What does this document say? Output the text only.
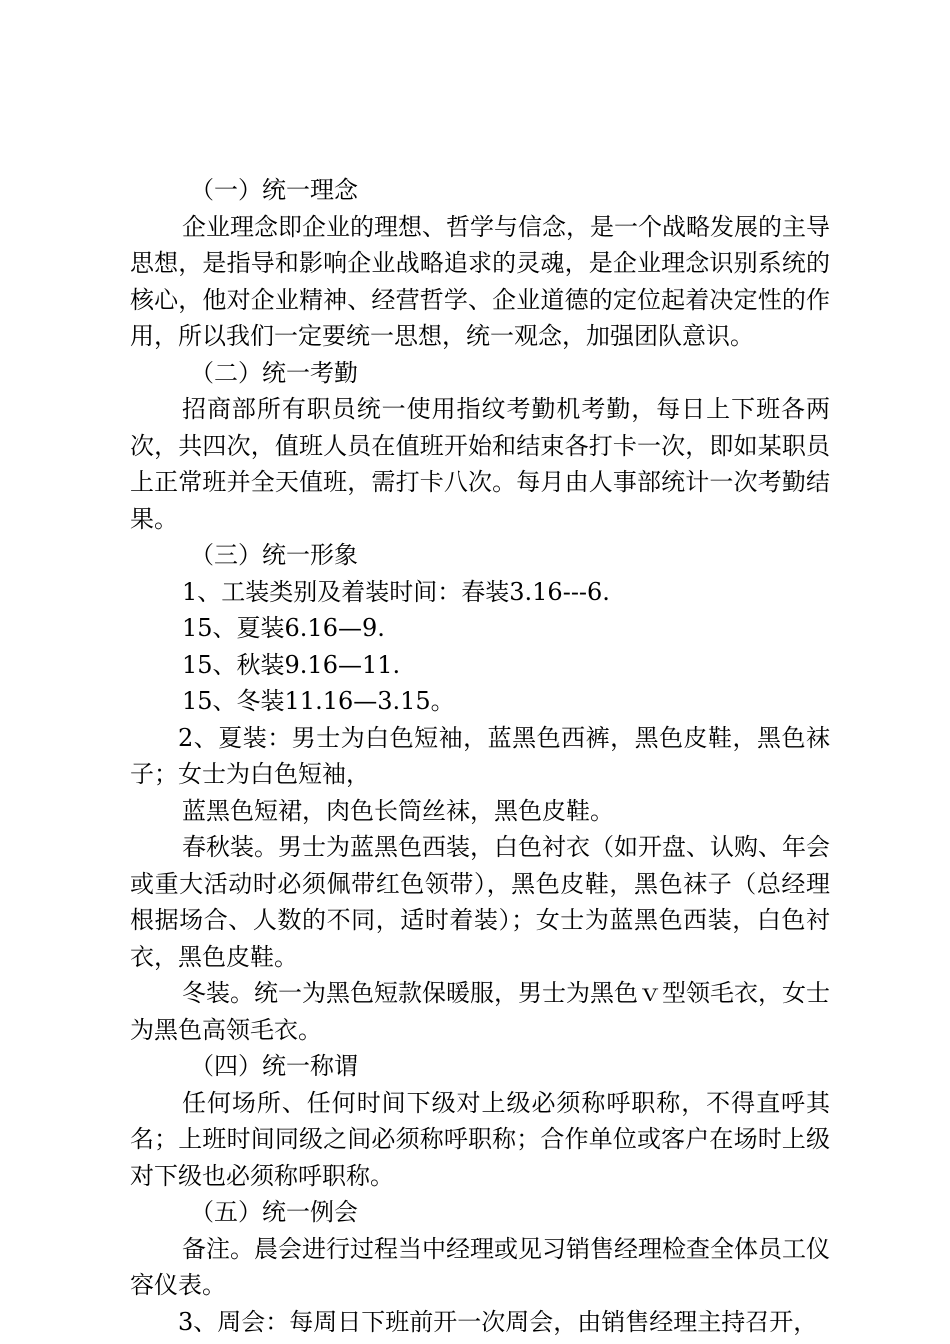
（一）统一理念

企业理念即企业的理想、哲学与信念，是一个战略发展的主导思想，是指导和影响企业战略追求的灵魂，是企业理念识别系统的核心，他对企业精神、经营哲学、企业道德的定位起着决定性的作用，所以我们一定要统一思想，统一观念，加强团队意识。

（二）统一考勤

招商部所有职员统一使用指纹考勤机考勤，每日上下班各两次，共四次，值班人员在值班开始和结束各打卡一次，即如某职员上正常班并全天值班，需打卡八次。每月由人事部统计一次考勤结果。

（三）统一形象

1、工装类别及着装时间：春装3.16---6.

15、夏装6.16—9.

15、秋装9.16—11.

15、冬装11.16—3.15。

2、夏装：男士为白色短袖，蓝黑色西裤，黑色皮鞋，黑色袜子；女士为白色短袖，

蓝黑色短裙，肉色长筒丝袜，黑色皮鞋。

春秋装。男士为蓝黑色西装，白色衬衣（如开盘、认购、年会或重大活动时必须佩带红色领带），黑色皮鞋，黑色袜子（总经理根据场合、人数的不同，适时着装）；女士为蓝黑色西装，白色衬衣，黑色皮鞋。

冬装。统一为黑色短款保暖服，男士为黑色ｖ型领毛衣，女士为黑色高领毛衣。

（四）统一称谓

任何场所、任何时间下级对上级必须称呼职称，不得直呼其名；上班时间同级之间必须称呼职称；合作单位或客户在场时上级对下级也必须称呼职称。

（五）统一例会

备注。晨会进行过程当中经理或见习销售经理检查全体员工仪容仪表。

3、周会：每周日下班前开一次周会，由销售经理主持召开，
